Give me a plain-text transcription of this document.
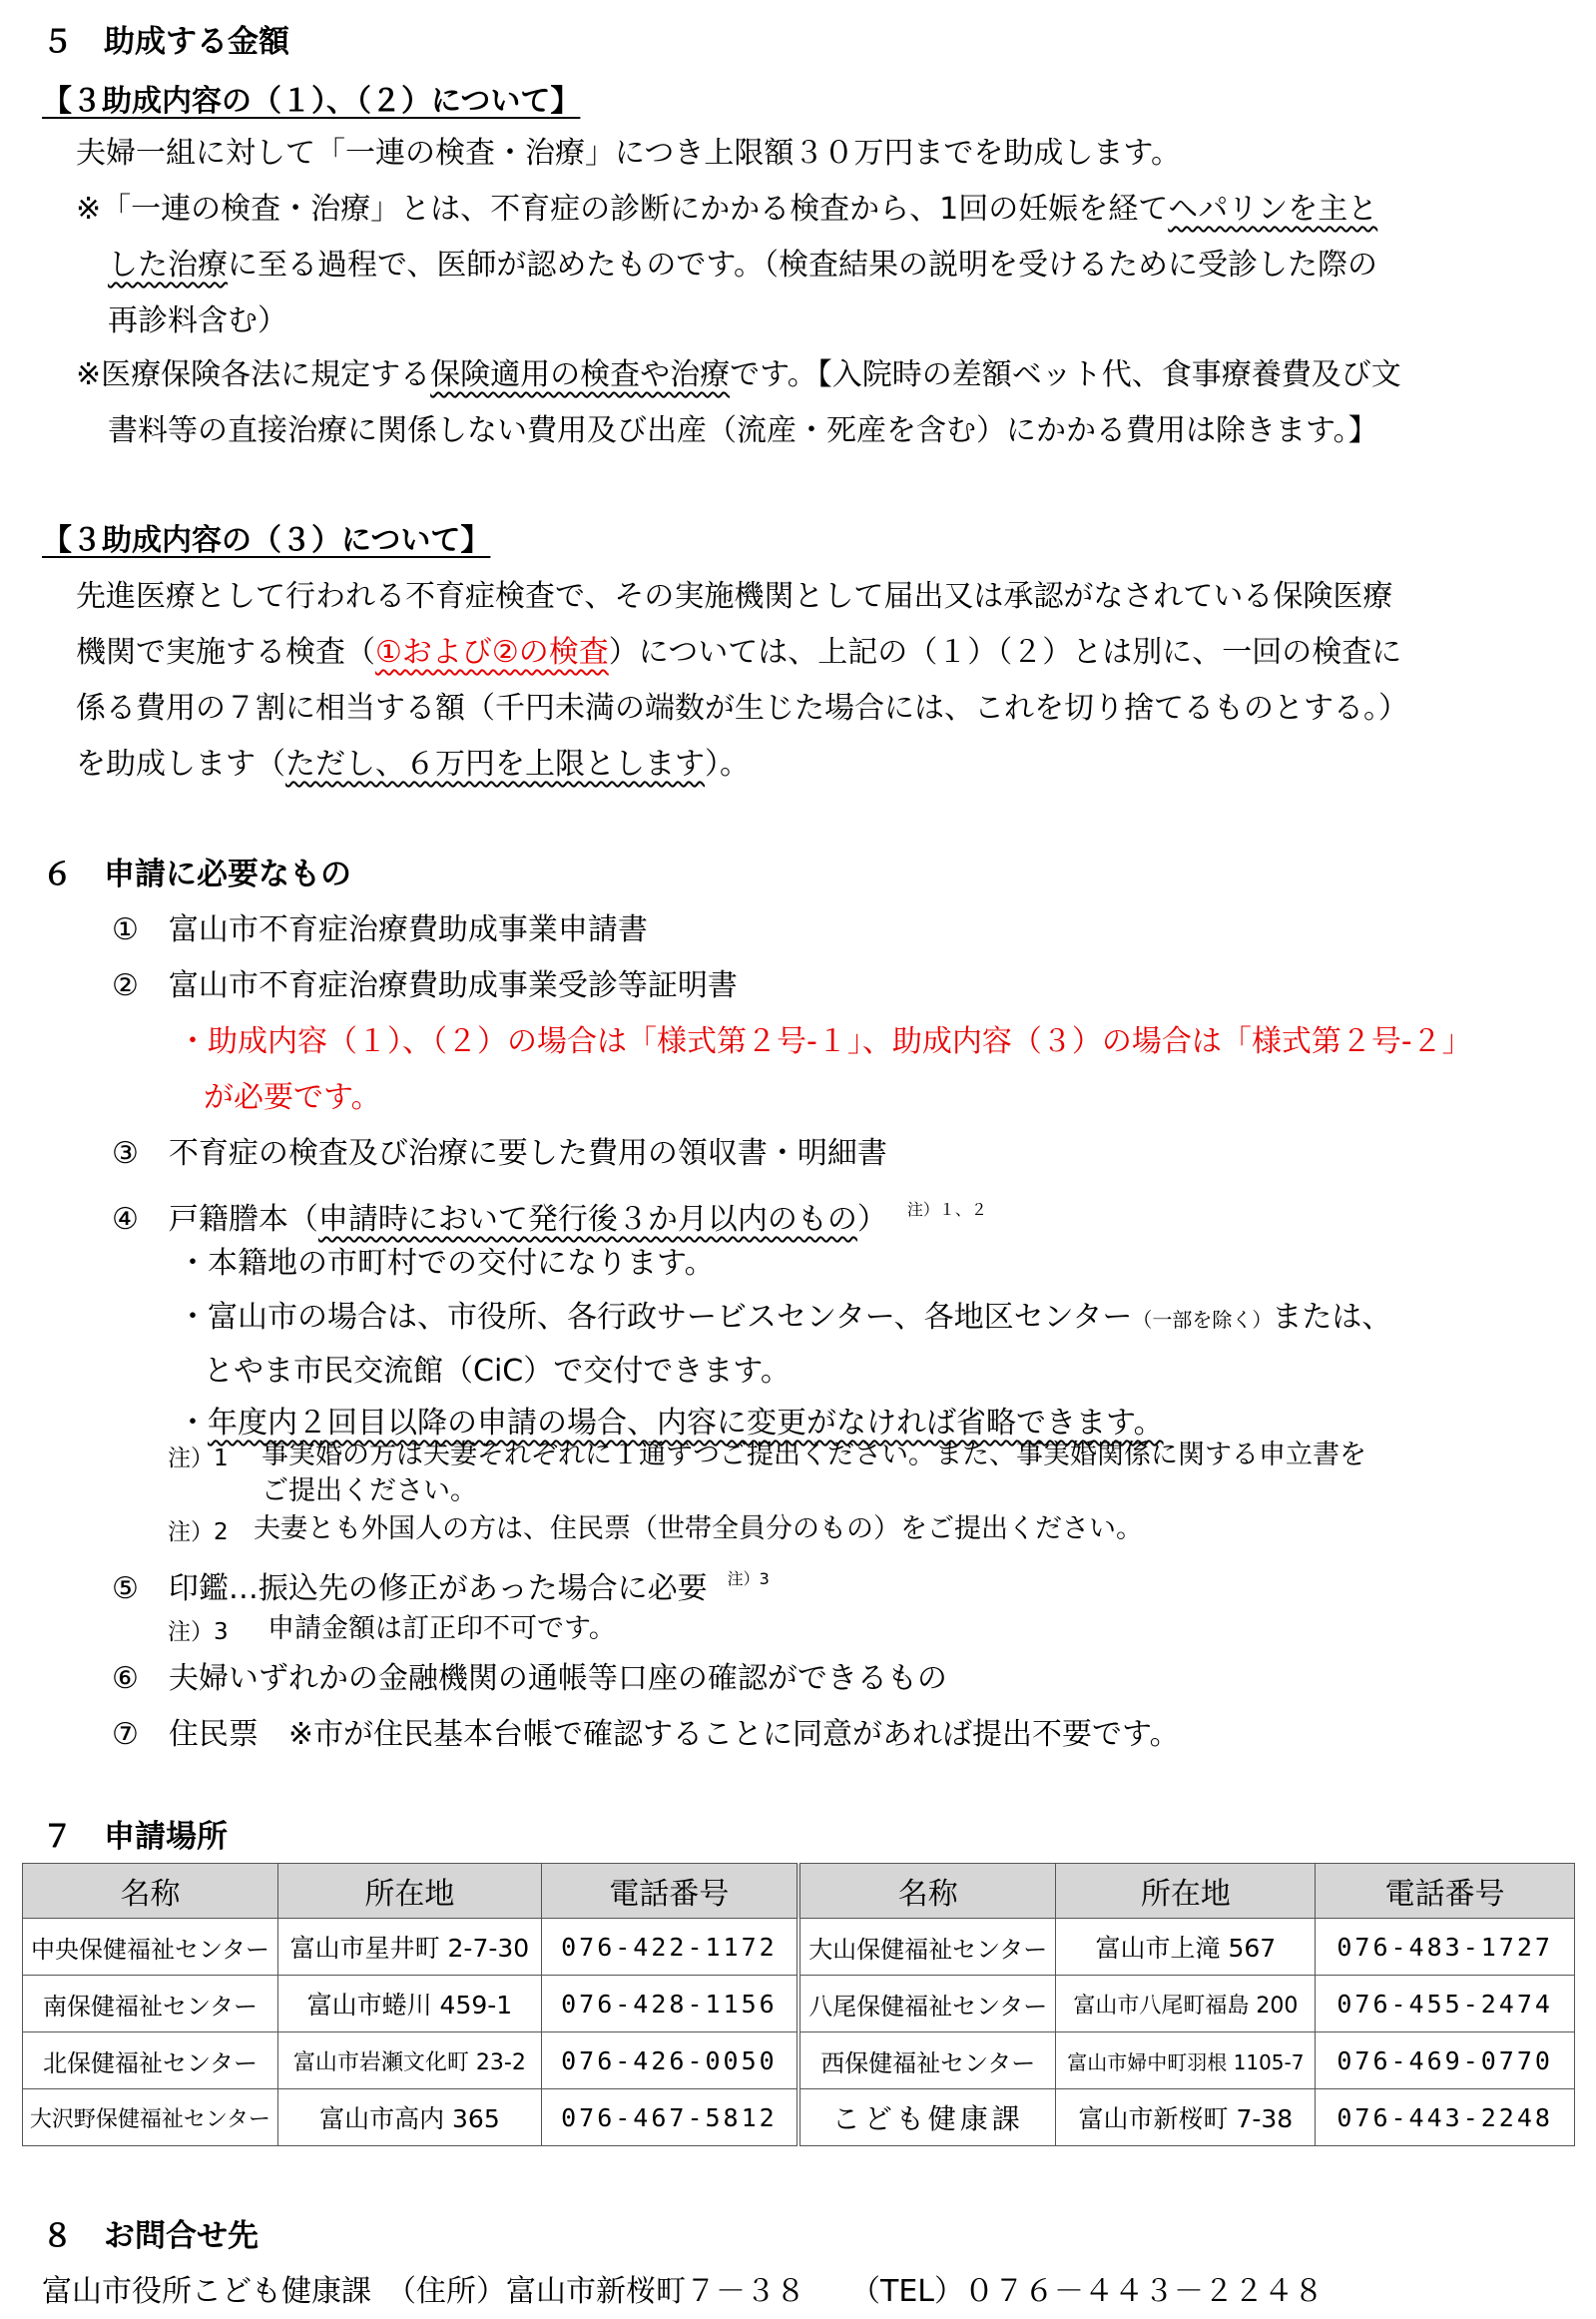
５　助成する金額
【３助成内容の（１）、（２）について】
夫婦一組に対して「一連の検査・治療」につき上限額３０万円までを助成します。
※「一連の検査・治療」とは、不育症の診断にかかる検査から、1回の妊娠を経てヘパリンを主と
した治療に至る過程で、医師が認めたものです。（検査結果の説明を受けるために受診した際の
再診料含む）
※医療保険各法に規定する保険適用の検査や治療です。【入院時の差額ベット代、食事療養費及び文
書料等の直接治療に関係しない費用及び出産（流産・死産を含む）にかかる費用は除きます。】
【３助成内容の（３）について】
先進医療として行われる不育症検査で、その実施機関として届出又は承認がなされている保険医療
機関で実施する検査（①および②の検査）については、上記の（１）（２）とは別に、一回の検査に
係る費用の７割に相当する額（千円未満の端数が生じた場合には、これを切り捨てるものとする。）
を助成します（ただし、６万円を上限とします）。
６　申請に必要なもの
①　富山市不育症治療費助成事業申請書
②　富山市不育症治療費助成事業受診等証明書
・助成内容（１）、（２）の場合は「様式第２号-１」、助成内容（３）の場合は「様式第２号-２」
が必要です。
③　不育症の検査及び治療に要した費用の領収書・明細書
④　戸籍謄本（申請時において発行後３か月以内のもの） $^{注)1、2}$
・本籍地の市町村での交付になります。
・富山市の場合は、市役所、各行政サービスセンター、各地区センター（一部を除く）または、
とやま市民交流館（CiC）で交付できます。
・年度内２回目以降の申請の場合、内容に変更がなければ省略できます。
注）1 事実婚の方は夫妻それぞれに１通ずつご提出ください。また、事実婚関係に関する申立書を
ご提出ください。
注）2 夫妻とも外国人の方は、住民票（世帯全員分のもの）をご提出ください。
⑤　印鑑…振込先の修正があった場合に必要 $^{注)3}$
注）3 申請金額は訂正印不可です。
⑥　夫婦いずれかの金融機関の通帳等口座の確認ができるもの
⑦　住民票　※市が住民基本台帳で確認することに同意があれば提出不要です。
７　申請場所
名称	所在地	電話番号	名称	所在地	電話番号
中央保健福祉センター	富山市星井町 2-7-30	076-422-1172	大山保健福祉センター	富山市上滝 567	076-483-1727
南保健福祉センター	富山市蜷川 459-1	076-428-1156	八尾保健福祉センター	富山市八尾町福島 200	076-455-2474
北保健福祉センター	富山市岩瀬文化町 23-2	076-426-0050	西保健福祉センター	富山市婦中町羽根 1105-7	076-469-0770
大沢野保健福祉センター	富山市高内 365	076-467-5812	こども健康課	富山市新桜町 7-38	076-443-2248
８　お問合せ先
富山市役所こども健康課　（住所）富山市新桜町７－３８　　（TEL）０７６－４４３－２２４８
